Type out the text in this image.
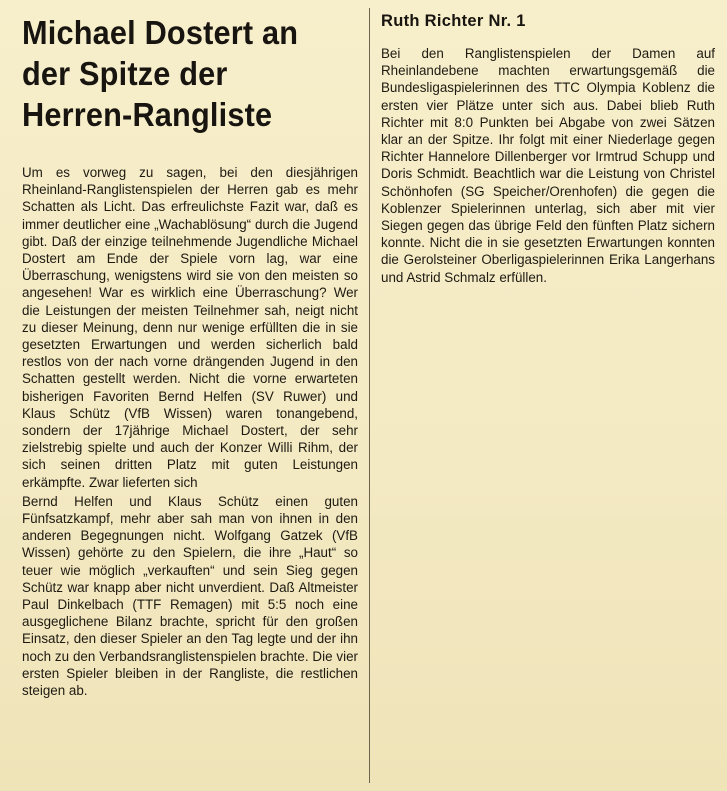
Michael Dostert an
der Spitze der
Herren-Rangliste

Um es vorweg zu sagen, bei den diesjährigen Rheinland-Ranglistenspielen der Herren gab es mehr Schatten als Licht. Das erfreulichste Fazit war, daß es immer deutlicher eine „Wachablösung“ durch die Jugend gibt. Daß der einzige teilnehmende Jugendliche Michael Dostert am Ende der Spiele vorn lag, war eine Überraschung, wenigstens wird sie von den meisten so angesehen! War es wirklich eine Überraschung? Wer die Leistungen der meisten Teilnehmer sah, neigt nicht zu dieser Meinung, denn nur wenige erfüllten die in sie gesetzten Erwartungen und werden sicherlich bald restlos von der nach vorne drängenden Jugend in den Schatten gestellt werden. Nicht die vorne erwarteten bisherigen Favoriten Bernd Helfen (SV Ruwer) und Klaus Schütz (VfB Wissen) waren tonangebend, sondern der 17jährige Michael Dostert, der sehr zielstrebig spielte und auch der Konzer Willi Rihm, der sich seinen dritten Platz mit guten Leistungen erkämpfte. Zwar lieferten sich

Bernd Helfen und Klaus Schütz einen guten Fünfsatzkampf, mehr aber sah man von ihnen in den anderen Begegnungen nicht. Wolfgang Gatzek (VfB Wissen) gehörte zu den Spielern, die ihre „Haut“ so teuer wie möglich „verkauften“ und sein Sieg gegen Schütz war knapp aber nicht unverdient. Daß Altmeister Paul Dinkelbach (TTF Remagen) mit 5:5 noch eine ausgeglichene Bilanz brachte, spricht für den großen Einsatz, den dieser Spieler an den Tag legte und der ihn noch zu den Verbandsranglistenspielen brachte. Die vier ersten Spieler bleiben in der Rangliste, die restlichen steigen ab.

Ruth Richter Nr. 1

Bei den Ranglistenspielen der Damen auf Rheinlandebene machten erwartungsgemäß die Bundesligaspielerinnen des TTC Olympia Koblenz die ersten vier Plätze unter sich aus. Dabei blieb Ruth Richter mit 8:0 Punkten bei Abgabe von zwei Sätzen klar an der Spitze. Ihr folgt mit einer Niederlage gegen Richter Hannelore Dillenberger vor Irmtrud Schupp und Doris Schmidt. Beachtlich war die Leistung von Christel Schönhofen (SG Speicher/Orenhofen) die gegen die Koblenzer Spielerinnen unterlag, sich aber mit vier Siegen gegen das übrige Feld den fünften Platz sichern konnte. Nicht die in sie gesetzten Erwartungen konnten die Gerolsteiner Oberligaspielerinnen Erika Langerhans und Astrid Schmalz erfüllen.
